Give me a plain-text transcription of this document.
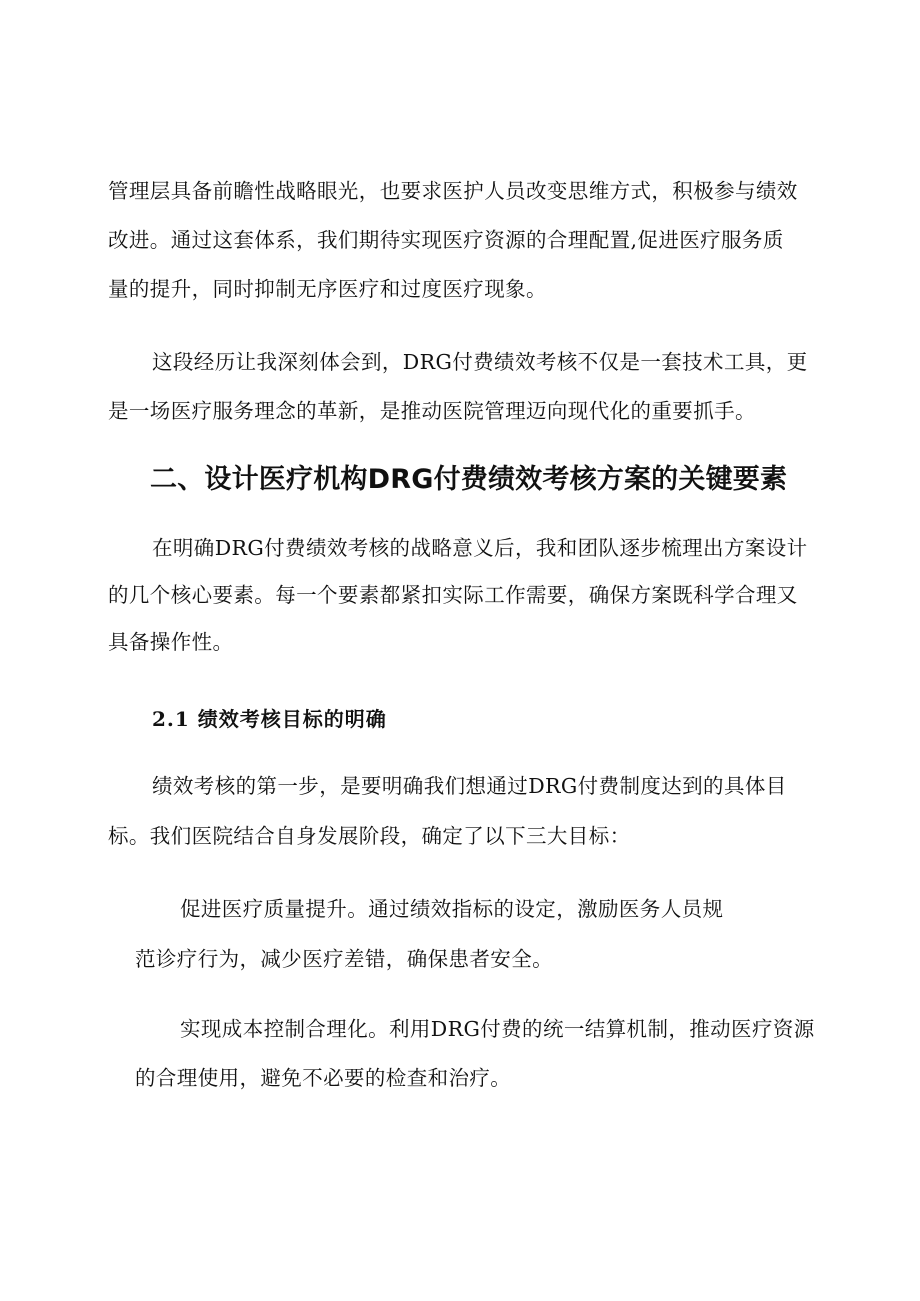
管理层具备前瞻性战略眼光，也要求医护人员改变思维方式，积极参与绩效

改进。通过这套体系，我们期待实现医疗资源的合理配置,促进医疗服务质

量的提升，同时抑制无序医疗和过度医疗现象。

这段经历让我深刻体会到，DRG付费绩效考核不仅是一套技术工具，更

是一场医疗服务理念的革新，是推动医院管理迈向现代化的重要抓手。

二、设计医疗机构DRG付费绩效考核方案的关键要素

在明确DRG付费绩效考核的战略意义后，我和团队逐步梳理出方案设计

的几个核心要素。每一个要素都紧扣实际工作需要，确保方案既科学合理又

具备操作性。

2.1 绩效考核目标的明确

绩效考核的第一步，是要明确我们想通过DRG付费制度达到的具体目

标。我们医院结合自身发展阶段，确定了以下三大目标：

促进医疗质量提升。通过绩效指标的设定，激励医务人员规

范诊疗行为，减少医疗差错，确保患者安全。

实现成本控制合理化。利用DRG付费的统一结算机制，推动医疗资源

的合理使用，避免不必要的检查和治疗。
